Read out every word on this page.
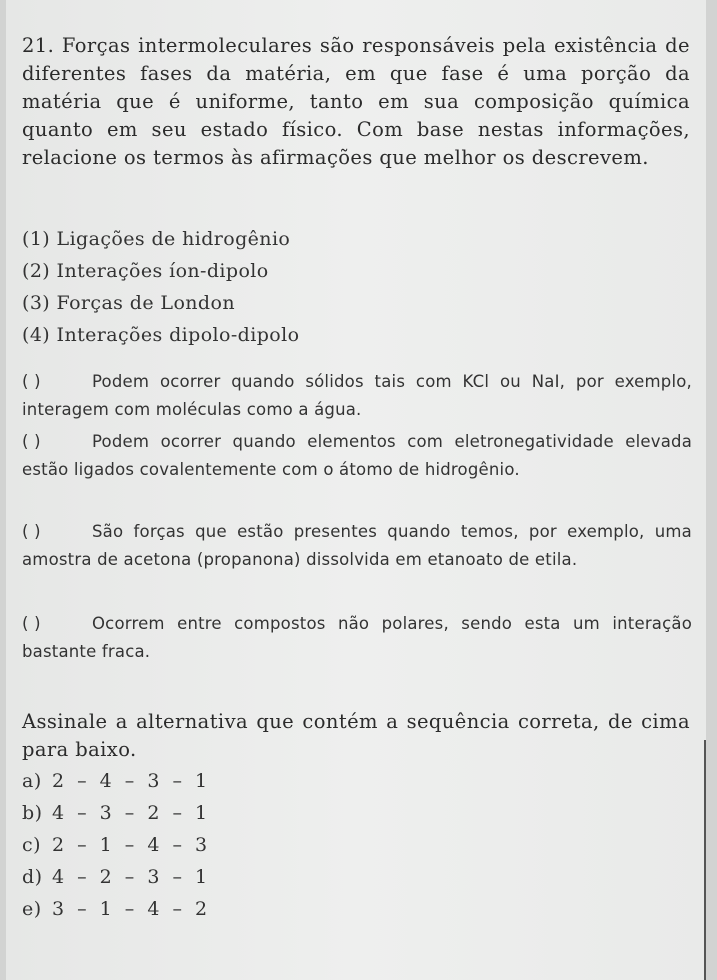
21. Forças intermoleculares são responsáveis pela existência de diferentes fases da matéria, em que fase é uma porção da matéria que é uniforme, tanto em sua composição química quanto em seu estado físico. Com base nestas informações, relacione os termos às afirmações que melhor os descrevem.
(1) Ligações de hidrogênio
(2) Interações íon-dipolo
(3) Forças de London
(4) Interações dipolo-dipolo
( )	Podem ocorrer quando sólidos tais com KCl ou NaI, por exemplo, interagem com moléculas como a água.
( )	Podem ocorrer quando elementos com eletronegatividade elevada estão ligados covalentemente com o átomo de hidrogênio.
( )	São forças que estão presentes quando temos, por exemplo, uma amostra de acetona (propanona) dissolvida em etanoato de etila.
( )	Ocorrem entre compostos não polares, sendo esta um interação bastante fraca.
Assinale a alternativa que contém a sequência correta, de cima para baixo.
a) 2 – 4 – 3 – 1
b) 4 – 3 – 2 – 1
c) 2 – 1 – 4 – 3
d) 4 – 2 – 3 – 1
e) 3 – 1 – 4 – 2
